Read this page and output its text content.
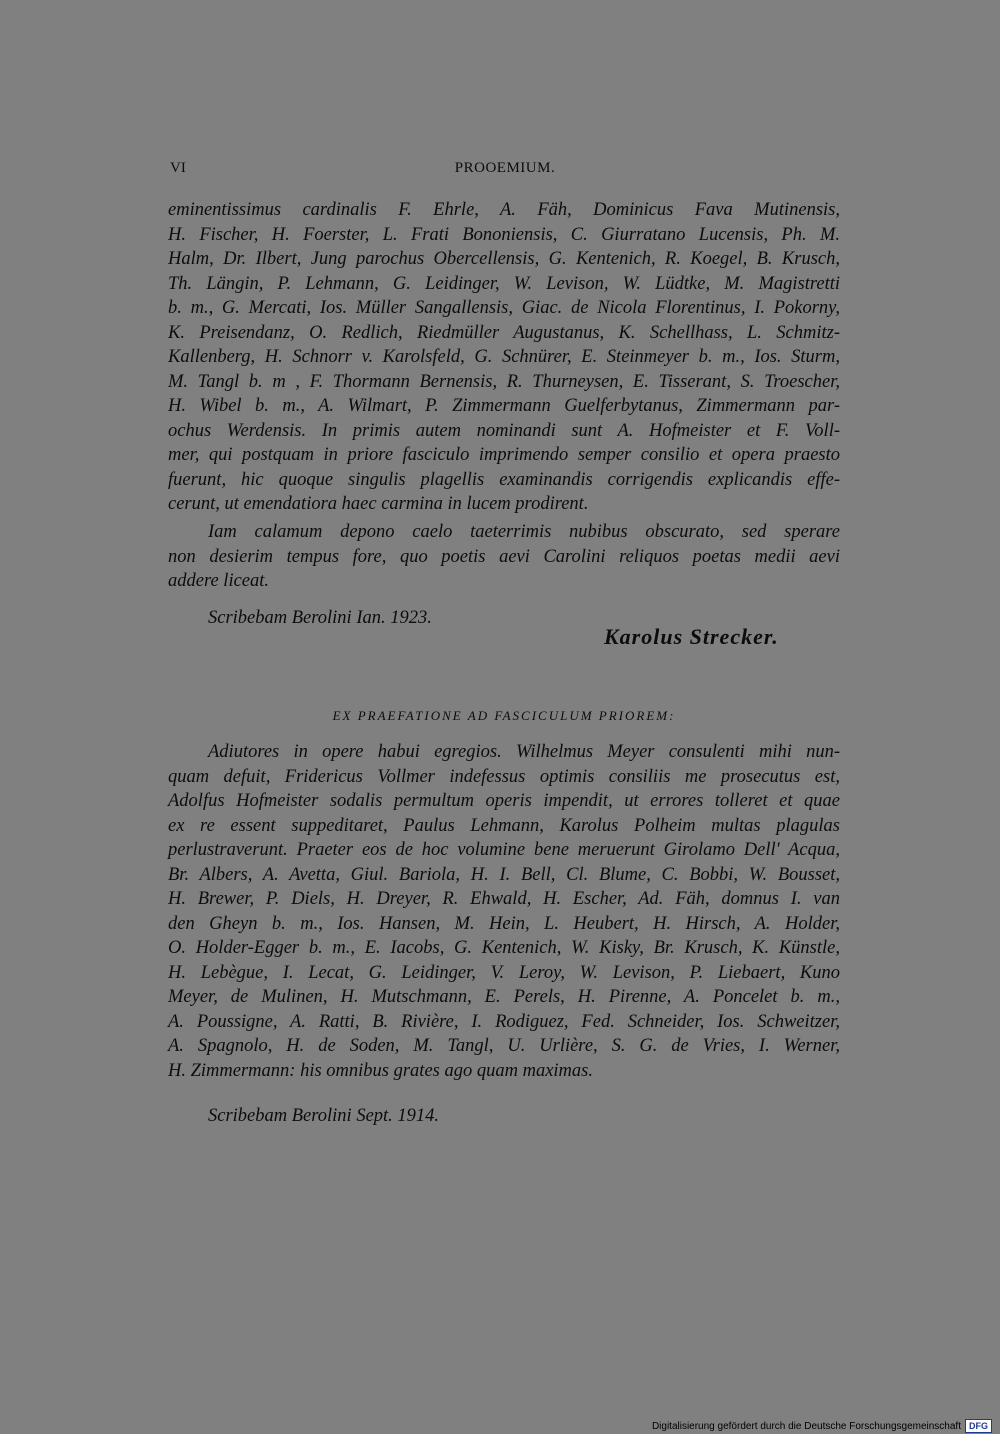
VI	PROOEMIUM.
eminentissimus cardinalis F. Ehrle, A. Fäh, Dominicus Fava Mutinensis,
H. Fischer, H. Foerster, L. Frati Bononiensis, C. Giurratano Lucensis, Ph. M.
Halm, Dr. Ilbert, Jung parochus Obercellensis, G. Kentenich, R. Koegel, B. Krusch,
Th. Längin, P. Lehmann, G. Leidinger, W. Levison, W. Lüdtke, M. Magistretti
b. m., G. Mercati, Ios. Müller Sangallensis, Giac. de Nicola Florentinus, I. Pokorny,
K. Preisendanz, O. Redlich, Riedmüller Augustanus, K. Schellhass, L. Schmitz-
Kallenberg, H. Schnorr v. Karolsfeld, G. Schnürer, E. Steinmeyer b. m., Ios. Sturm,
M. Tangl b. m , F. Thormann Bernensis, R. Thurneysen, E. Tisserant, S. Troescher,
H. Wibel b. m., A. Wilmart, P. Zimmermann Guelferbytanus, Zimmermann par-
ochus Werdensis. In primis autem nominandi sunt A. Hofmeister et F. Voll-
mer, qui postquam in priore fasciculo imprimendo semper consilio et opera praesto
fuerunt, hic quoque singulis plagellis examinandis corrigendis explicandis effe-
cerunt, ut emendatiora haec carmina in lucem prodirent.
Iam calamum depono caelo taeterrimis nubibus obscurato, sed sperare
non desierim tempus fore, quo poetis aevi Carolini reliquos poetas medii aevi
addere liceat.
Scribebam Berolini Ian. 1923.
Karolus Strecker.
EX PRAEFATIONE AD FASCICULUM PRIOREM:
Adiutores in opere habui egregios. Wilhelmus Meyer consulenti mihi nun-
quam defuit, Fridericus Vollmer indefessus optimis consiliis me prosecutus est,
Adolfus Hofmeister sodalis permultum operis impendit, ut errores tolleret et quae
ex re essent suppeditaret, Paulus Lehmann, Karolus Polheim multas plagulas
perlustraverunt. Praeter eos de hoc volumine bene meruerunt Girolamo Dell' Acqua,
Br. Albers, A. Avetta, Giul. Bariola, H. I. Bell, Cl. Blume, C. Bobbi, W. Bousset,
H. Brewer, P. Diels, H. Dreyer, R. Ehwald, H. Escher, Ad. Fäh, domnus I. van
den Gheyn b. m., Ios. Hansen, M. Hein, L. Heubert, H. Hirsch, A. Holder,
O. Holder-Egger b. m., E. Iacobs, G. Kentenich, W. Kisky, Br. Krusch, K. Künstle,
H. Lebègue, I. Lecat, G. Leidinger, V. Leroy, W. Levison, P. Liebaert, Kuno
Meyer, de Mulinen, H. Mutschmann, E. Perels, H. Pirenne, A. Poncelet b. m.,
A. Poussigne, A. Ratti, B. Rivière, I. Rodiguez, Fed. Schneider, Ios. Schweitzer,
A. Spagnolo, H. de Soden, M. Tangl, U. Urlière, S. G. de Vries, I. Werner,
H. Zimmermann: his omnibus grates ago quam maximas.
Scribebam Berolini Sept. 1914.
Digitalisierung gefördert durch die Deutsche Forschungsgemeinschaft DFG
